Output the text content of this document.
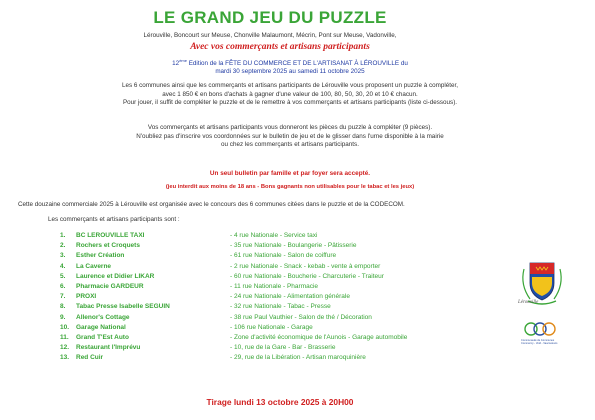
LE GRAND JEU DU PUZZLE
Lérouville, Boncourt sur Meuse, Chonville Malaumont, Mécrin, Pont sur Meuse, Vadonville,
Avec vos commerçants et artisans participants
12ème Edition de la FÊTE DU COMMERCE ET DE L'ARTISANAT À LÉROUVILLE du
mardi 30 septembre 2025 au samedi 11 octobre 2025
Les 6 communes ainsi que les commerçants et artisans participants de Lérouville vous proposent un puzzle à compléter,
avec 1 850 € en bons d'achats à gagner d'une valeur de 100, 80, 50, 30, 20 et 10 € chacun.
Pour jouer, il suffit de compléter le puzzle et de le remettre à vos commerçants et artisans participants (liste ci-dessous).
Vos commerçants et artisans participants vous donneront les pièces du puzzle à compléter (9 pièces).
N'oubliez pas d'inscrire vos coordonnées sur le bulletin de jeu et de le glisser dans l'urne disponible à la mairie
ou chez les commerçants et artisans participants.
Un seul bulletin par famille et par foyer sera accepté.
(jeu interdit aux moins de 18 ans - Bons gagnants non utilisables pour le tabac et les jeux)
Cette douzaine commerciale 2025 à Lérouville est organisée avec le concours des 6 communes citées dans le puzzle et de la CODECOM.
Les commerçants et artisans participants sont :
1. BC LEROUVILLE TAXI	- 4 rue Nationale - Service taxi
2. Rochers et Croquets	- 35 rue Nationale - Boulangerie - Pâtisserie
3. Esther Création	- 61 rue Nationale - Salon de coiffure
4. La Caverne	- 2 rue Nationale - Snack - kebab - vente à emporter
5. Laurence et Didier LIKAR	- 60 rue Nationale - Boucherie - Charcuterie - Traiteur
6. Pharmacie GARDEUR	- 11 rue Nationale - Pharmacie
7. PROXI	- 24 rue Nationale - Alimentation générale
8. Tabac Presse Isabelle SEGUIN	- 32 rue Nationale - Tabac - Presse
9. Allenor's Cottage	- 38 rue Paul Vauthier - Salon de thé / Décoration
10. Garage National	- 106 rue Nationale - Garage
11. Grand T'Est Auto	- Zone d'activité économique de l'Aunois - Garage automobile
12. Restaurant l'Imprévu	- 10, rue de la Gare - Bar - Brasserie
13. Red Cuir	- 29, rue de la Libération - Artisan maroquinière
Tirage lundi 13 octobre 2025 à 20H00
Lérouville
Communauté de Communes
Commercy - Void - Vaucouleurs
